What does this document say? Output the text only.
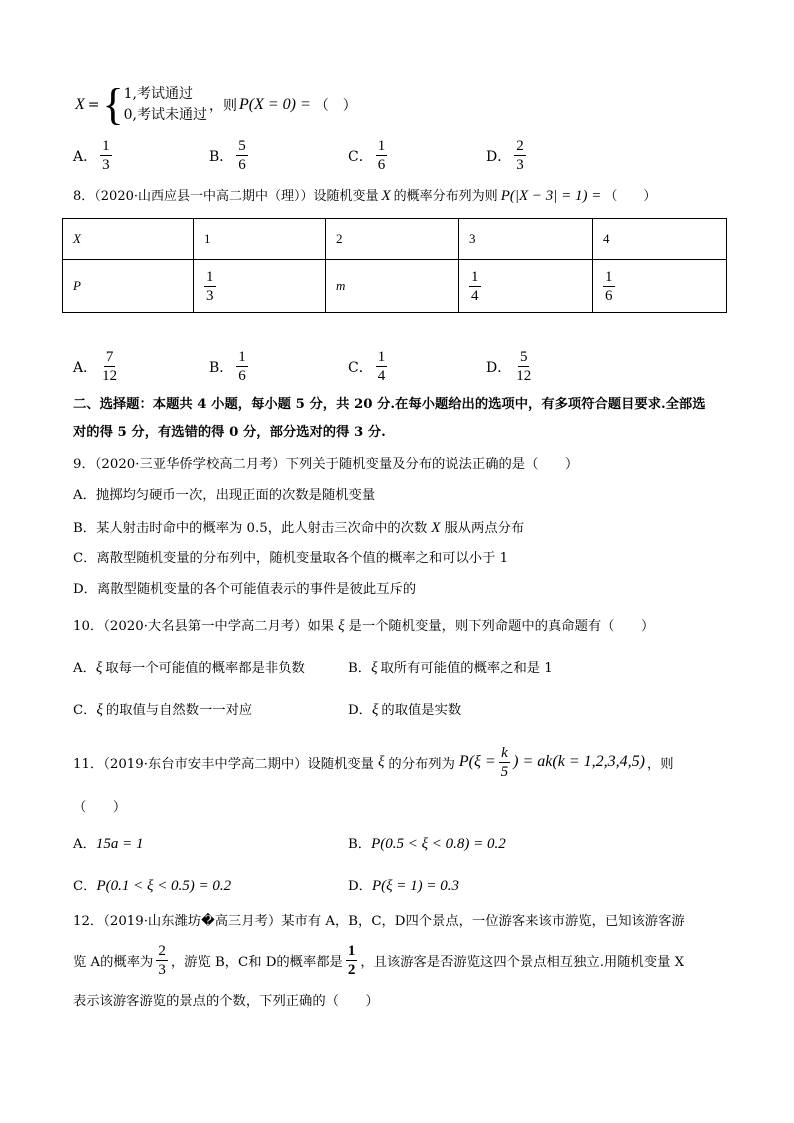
X = { 1,考试通过
0,考试未通过
，则 P(X = 0) = （　）
A． $\frac{1}{3}$	B． $\frac{5}{6}$	C． $\frac{1}{6}$	D． $\frac{2}{3}$
8．（2020·山西应县一中高二期中（理））设随机变量 X 的概率分布列为则 P(|X − 3| = 1) = （　　）
X	1	2	3	4
P	$\frac{1}{3}$	m	$\frac{1}{4}$	$\frac{1}{6}$
A． $\frac{7}{12}$	B． $\frac{1}{6}$	C． $\frac{1}{4}$	D． $\frac{5}{12}$
二、选择题：本题共 4 小题，每小题 5 分，共 20 分.在每小题给出的选项中，有多项符合题目要求.全部选
对的得 5 分，有选错的得 0 分，部分选对的得 3 分.
9．（2020·三亚华侨学校高二月考）下列关于随机变量及分布的说法正确的是（　　）
A．抛掷均匀硬币一次，出现正面的次数是随机变量
B．某人射击时命中的概率为 0.5，此人射击三次命中的次数 X 服从两点分布
C．离散型随机变量的分布列中，随机变量取各个值的概率之和可以小于 1
D．离散型随机变量的各个可能值表示的事件是彼此互斥的
10．（2020·大名县第一中学高二月考）如果 ξ 是一个随机变量，则下列命题中的真命题有（　　）
A．ξ 取每一个可能值的概率都是非负数	B．ξ 取所有可能值的概率之和是 1
C．ξ 的取值与自然数一一对应	D．ξ 的取值是实数
11．（2019·东台市安丰中学高二期中）设随机变量 ξ 的分布列为 $P(\xi = \frac{k}{5}$ ) = ak(k = 1,2,3,4,5) ，则
（　　）
A．15a = 1	B．P(0.5 < ξ < 0.8) = 0.2
C．P(0.1 < ξ < 0.5) = 0.2	D．P(ξ = 1) = 0.3
12．（2019·山东潍坊�高三月考）某市有 A，B，C，D四个景点，一位游客来该市游览，已知该游客游
览 A的概率为 $\frac{2}{3}$ ，游览 B，C和 D的概率都是 $\frac{1}{2}$ ，且该游客是否游览这四个景点相互独立.用随机变量 X
表示该游客游览的景点的个数，下列正确的（　　）
